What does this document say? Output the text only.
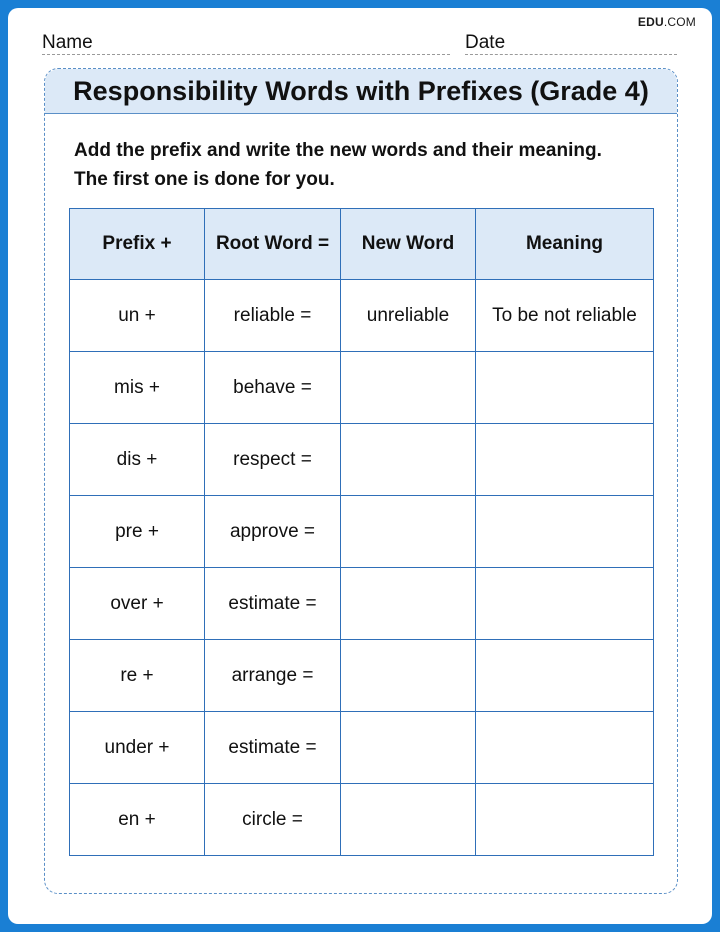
EDU.COM
Name	Date
Responsibility Words with Prefixes (Grade 4)
Add the prefix and write the new words and their meaning.
The first one is done for you.
Prefix +	Root Word =	New Word	Meaning
un +	reliable =	unreliable	To be not reliable
mis +	behave =		
dis +	respect =		
pre +	approve =		
over +	estimate =		
re +	arrange =		
under +	estimate =		
en +	circle =		
